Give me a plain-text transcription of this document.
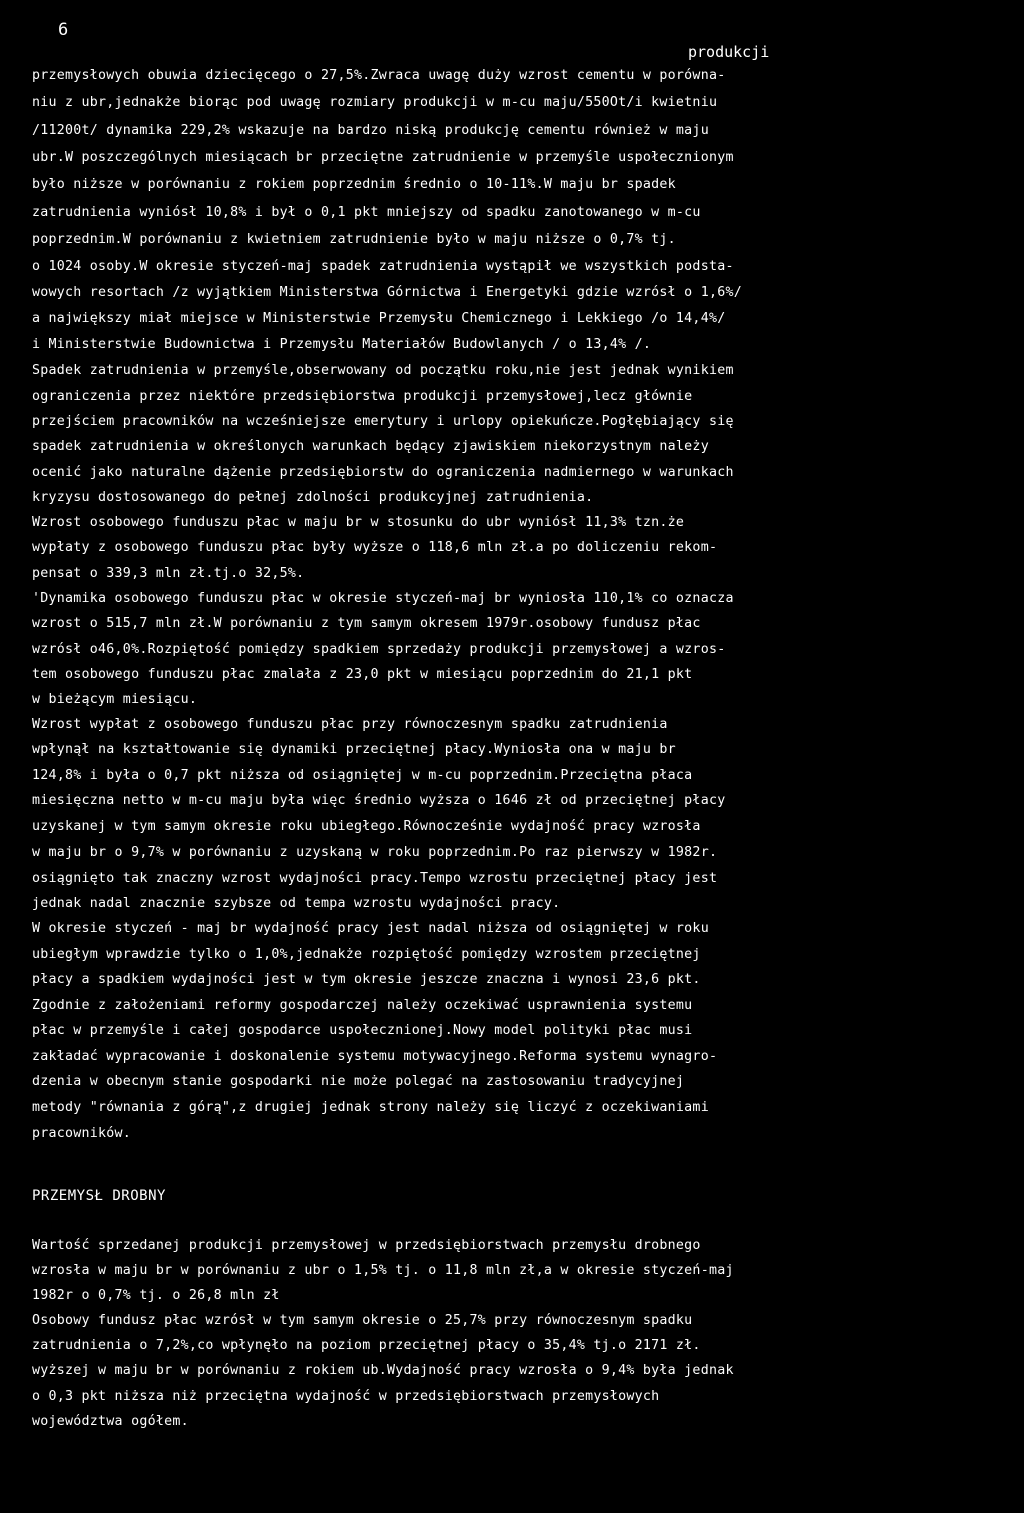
6
produkcji
przemysłowych obuwia dziecięcego o 27,5%.Zwraca uwagę duży wzrost cementu w porówna-
niu z ubr,jednakże biorąc pod uwagę rozmiary produkcji w m-cu maju/550Ot/i kwietniu
/11200t/ dynamika 229,2% wskazuje na bardzo niską produkcję cementu również w maju
ubr.W poszczególnych miesiącach br przeciętne zatrudnienie w przemyśle uspołecznionym
było niższe w porównaniu z rokiem poprzednim średnio o 10-11%.W maju br spadek
zatrudnienia wyniósł 10,8% i był o 0,1 pkt mniejszy od spadku zanotowanego w m-cu
poprzednim.W porównaniu z kwietniem zatrudnienie było w maju niższe o 0,7% tj.
o 1024 osoby.W okresie styczeń-maj spadek zatrudnienia wystąpił we wszystkich podsta-
wowych resortach /z wyjątkiem Ministerstwa Górnictwa i Energetyki gdzie wzrósł o 1,6%/
a największy miał miejsce w Ministerstwie Przemysłu Chemicznego i Lekkiego /o 14,4%/
i Ministerstwie Budownictwa i Przemysłu Materiałów Budowlanych / o 13,4% /.
Spadek zatrudnienia w przemyśle,obserwowany od początku roku,nie jest jednak wynikiem
ograniczenia przez niektóre przedsiębiorstwa produkcji przemysłowej,lecz głównie
przejściem pracowników na wcześniejsze emerytury i urlopy opiekuńcze.Pogłębiający się
spadek zatrudnienia w określonych warunkach będący zjawiskiem niekorzystnym należy
ocenić jako naturalne dążenie przedsiębiorstw do ograniczenia nadmiernego w warunkach
kryzysu dostosowanego do pełnej zdolności produkcyjnej zatrudnienia.
Wzrost osobowego funduszu płac w maju br w stosunku do ubr wyniósł 11,3% tzn.że
wypłaty z osobowego funduszu płac były wyższe o 118,6 mln zł.a po doliczeniu rekom-
pensat o 339,3 mln zł.tj.o 32,5%.
'Dynamika osobowego funduszu płac w okresie styczeń-maj br wyniosła 110,1% co oznacza
wzrost o 515,7 mln zł.W porównaniu z tym samym okresem 1979r.osobowy fundusz płac
wzrósł o46,0%.Rozpiętość pomiędzy spadkiem sprzedaży produkcji przemysłowej a wzros-
tem osobowego funduszu płac zmalała z 23,0 pkt w miesiącu poprzednim do 21,1 pkt
w bieżącym miesiącu.
Wzrost wypłat z osobowego funduszu płac przy równoczesnym spadku zatrudnienia
wpłynął na kształtowanie się dynamiki przeciętnej płacy.Wyniosła ona w maju br
124,8% i była o 0,7 pkt niższa od osiągniętej w m-cu poprzednim.Przeciętna płaca
miesięczna netto w m-cu maju była więc średnio wyższa o 1646 zł od przeciętnej płacy
uzyskanej w tym samym okresie roku ubiegłego.Równocześnie wydajność pracy wzrosła
w maju br o 9,7% w porównaniu z uzyskaną w roku poprzednim.Po raz pierwszy w 1982r.
osiągnięto tak znaczny wzrost wydajności pracy.Tempo wzrostu przeciętnej płacy jest
jednak nadal znacznie szybsze od tempa wzrostu wydajności pracy.
W okresie styczeń - maj br wydajność pracy jest nadal niższa od osiągniętej w roku
ubiegłym wprawdzie tylko o 1,0%,jednakże rozpiętość pomiędzy wzrostem przeciętnej
płacy a spadkiem wydajności jest w tym okresie jeszcze znaczna i wynosi 23,6 pkt.
Zgodnie z założeniami reformy gospodarczej należy oczekiwać usprawnienia systemu
płac w przemyśle i całej gospodarce uspołecznionej.Nowy model polityki płac musi
zakładać wypracowanie i doskonalenie systemu motywacyjnego.Reforma systemu wynagro-
dzenia w obecnym stanie gospodarki nie może polegać na zastosowaniu tradycyjnej
metody "równania z górą",z drugiej jednak strony należy się liczyć z oczekiwaniami
pracowników.
PRZEMYSŁ DROBNY
Wartość sprzedanej produkcji przemysłowej w przedsiębiorstwach przemysłu drobnego
wzrosła w maju br w porównaniu z ubr o 1,5% tj. o 11,8 mln zł,a w okresie styczeń-maj
1982r o 0,7% tj. o 26,8 mln zł
Osobowy fundusz płac wzrósł w tym samym okresie o 25,7% przy równoczesnym spadku
zatrudnienia o 7,2%,co wpłynęło na poziom przeciętnej płacy o 35,4% tj.o 2171 zł.
wyższej w maju br w porównaniu z rokiem ub.Wydajność pracy wzrosła o 9,4% była jednak
o 0,3 pkt niższa niż przeciętna wydajność w przedsiębiorstwach przemysłowych
województwa ogółem.
